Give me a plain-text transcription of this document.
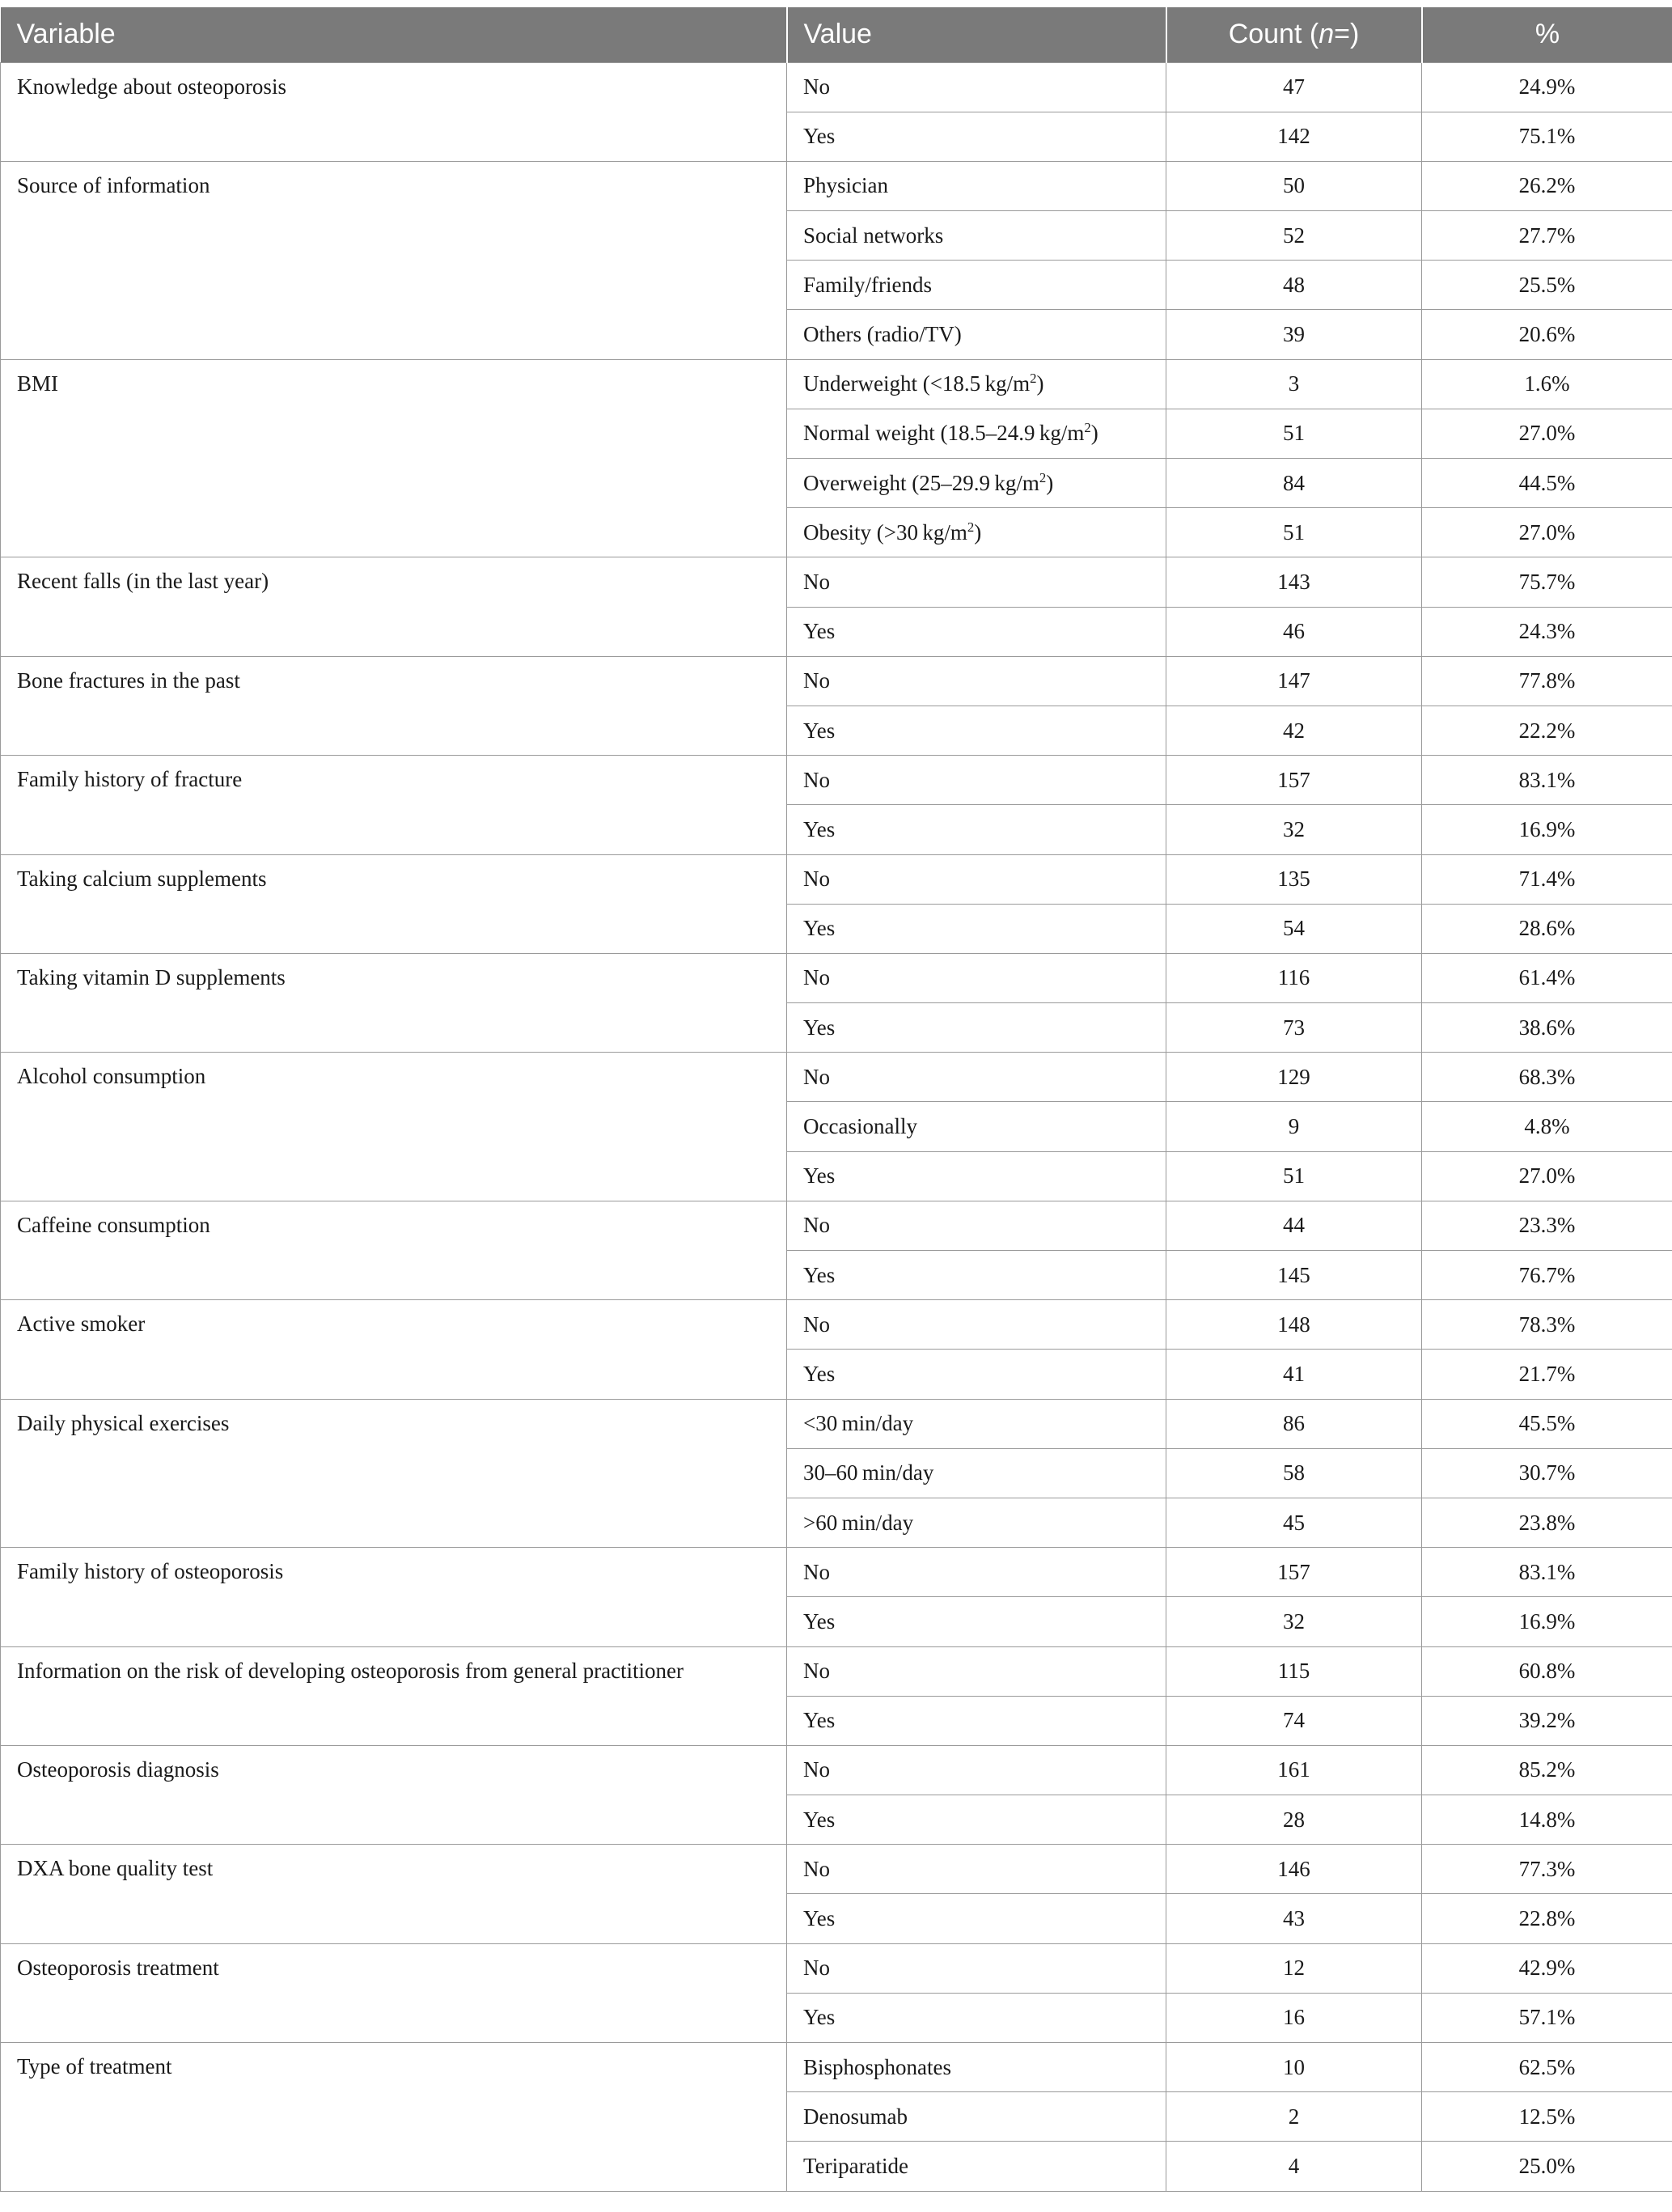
Variable	Value	Count (n=)	%
Knowledge about osteoporosis	No	47	24.9%
	Yes	142	75.1%
Source of information	Physician	50	26.2%
	Social networks	52	27.7%
	Family/friends	48	25.5%
	Others (radio/TV)	39	20.6%
BMI	Underweight (<18.5 $kg/m^2$)	3	1.6%
	Normal weight (18.5–24.9 $kg/m^2$)	51	27.0%
	Overweight (25–29.9 $kg/m^2$)	84	44.5%
	Obesity (>30 $kg/m^2$)	51	27.0%
Recent falls (in the last year)	No	143	75.7%
	Yes	46	24.3%
Bone fractures in the past	No	147	77.8%
	Yes	42	22.2%
Family history of fracture	No	157	83.1%
	Yes	32	16.9%
Taking calcium supplements	No	135	71.4%
	Yes	54	28.6%
Taking vitamin D supplements	No	116	61.4%
	Yes	73	38.6%
Alcohol consumption	No	129	68.3%
	Occasionally	9	4.8%
	Yes	51	27.0%
Caffeine consumption	No	44	23.3%
	Yes	145	76.7%
Active smoker	No	148	78.3%
	Yes	41	21.7%
Daily physical exercises	<30 min/day	86	45.5%
	30–60 min/day	58	30.7%
	>60 min/day	45	23.8%
Family history of osteoporosis	No	157	83.1%
	Yes	32	16.9%
Information on the risk of developing osteoporosis from general practitioner	No	115	60.8%
	Yes	74	39.2%
Osteoporosis diagnosis	No	161	85.2%
	Yes	28	14.8%
DXA bone quality test	No	146	77.3%
	Yes	43	22.8%
Osteoporosis treatment	No	12	42.9%
	Yes	16	57.1%
Type of treatment	Bisphosphonates	10	62.5%
	Denosumab	2	12.5%
	Teriparatide	4	25.0%
